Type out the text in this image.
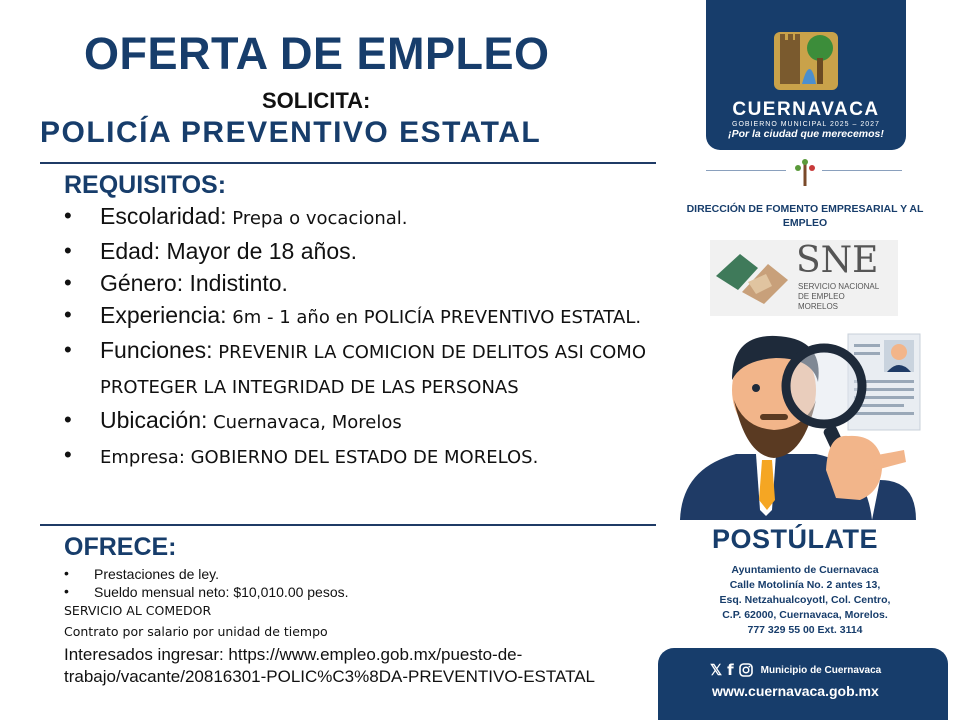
OFERTA DE EMPLEO
SOLICITA:
POLICÍA PREVENTIVO ESTATAL
REQUISITOS:
• Escolaridad: Prepa o vocacional.
• Edad: Mayor de 18 años.
• Género: Indistinto.
• Experiencia: 6m - 1 año en POLICÍA PREVENTIVO ESTATAL.
• Funciones: PREVENIR LA COMICION DE DELITOS ASI COMO PROTEGER LA INTEGRIDAD DE LAS PERSONAS
• Ubicación: Cuernavaca, Morelos
• Empresa: GOBIERNO DEL ESTADO DE MORELOS.
OFRECE:
• Prestaciones de ley.
• Sueldo mensual neto: $10,010.00 pesos.
SERVICIO AL COMEDOR
Contrato por salario por unidad de tiempo
Interesados ingresar: https://www.empleo.gob.mx/puesto-de-trabajo/vacante/20816301-POLIC%C3%8DA-PREVENTIVO-ESTATAL
CUERNAVACA
GOBIERNO MUNICIPAL 2025 – 2027
¡Por la ciudad que merecemos!
DIRECCIÓN DE FOMENTO EMPRESARIAL Y AL EMPLEO
SNE
SERVICIO NACIONAL
DE EMPLEO
MORELOS
POSTÚLATE
Ayuntamiento de Cuernavaca
Calle Motolinía No. 2 antes 13,
Esq. Netzahualcoyotl, Col. Centro,
C.P. 62000, Cuernavaca, Morelos.
777 329 55 00 Ext. 3114
𝕏 f	Municipio de Cuernavaca
www.cuernavaca.gob.mx
